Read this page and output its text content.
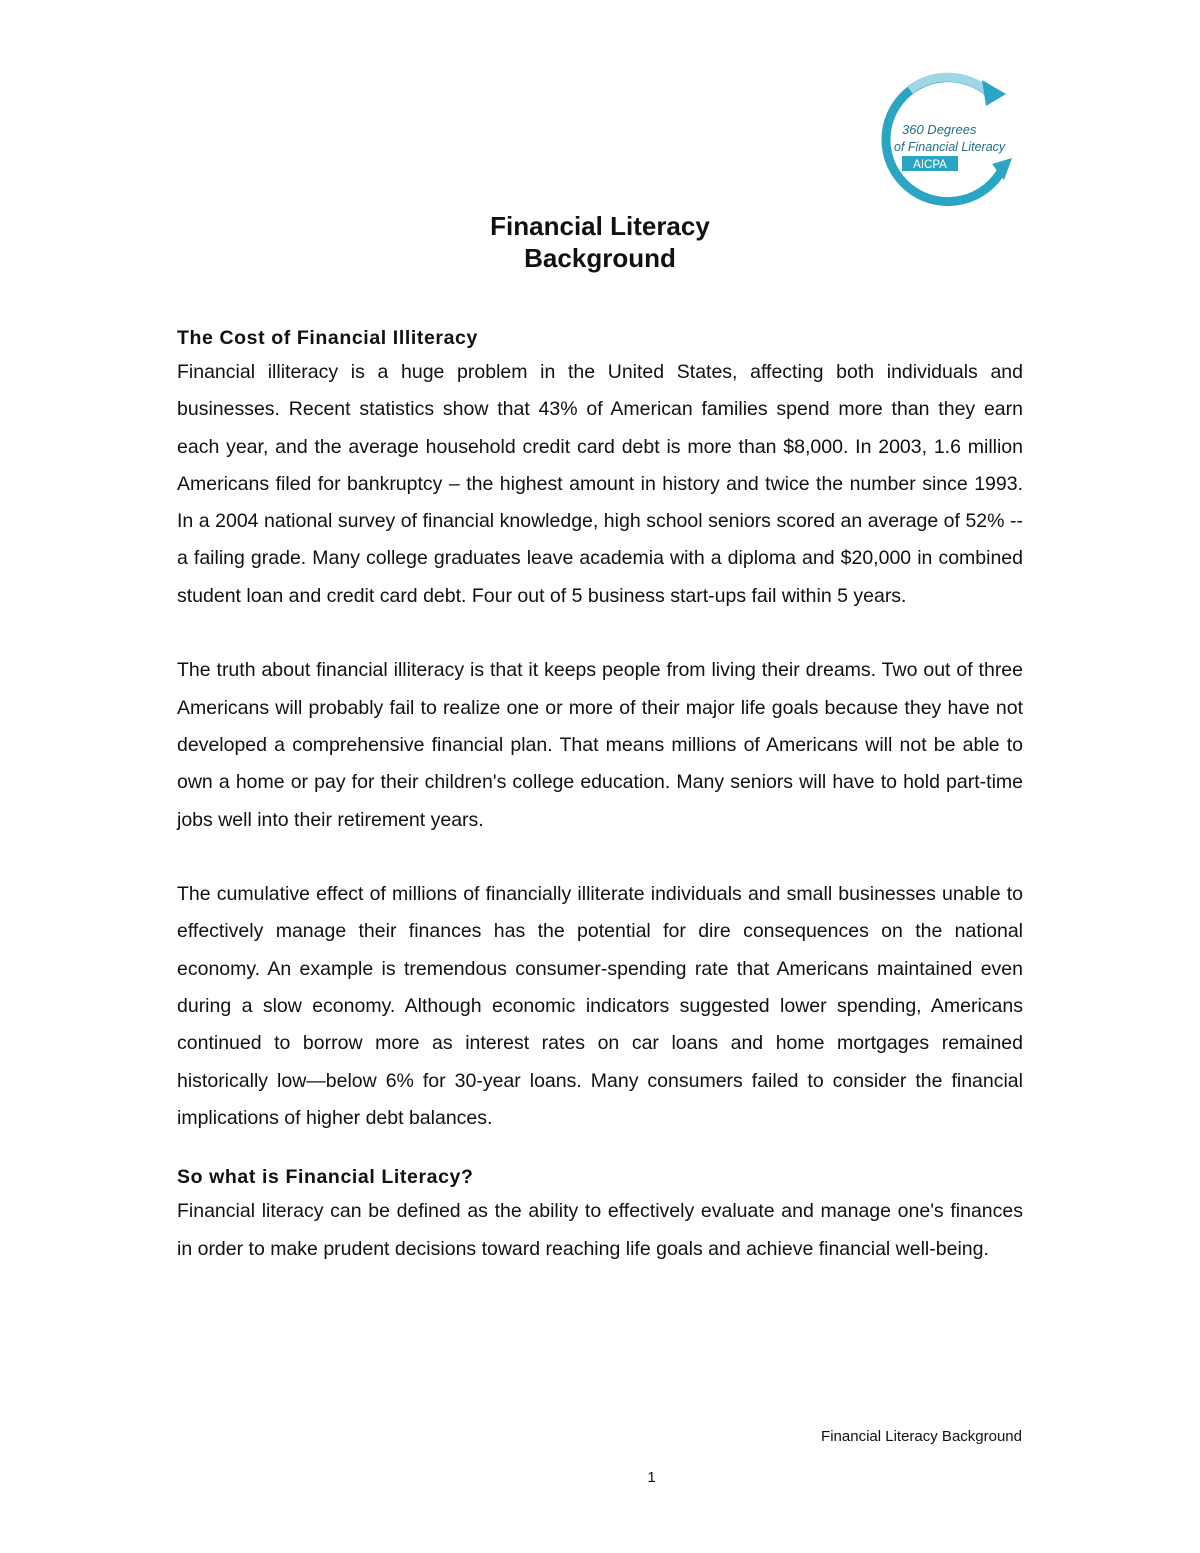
360 Degrees
of Financial Literacy
AICPA
Financial Literacy
Background

The Cost of Financial Illiteracy

Financial illiteracy is a huge problem in the United States, affecting both individuals and businesses. Recent statistics show that 43% of American families spend more than they earn each year, and the average household credit card debt is more than $8,000. In 2003, 1.6 million Americans filed for bankruptcy – the highest amount in history and twice the number since 1993. In a 2004 national survey of financial knowledge, high school seniors scored an average of 52% -- a failing grade. Many college graduates leave academia with a diploma and $20,000 in combined student loan and credit card debt. Four out of 5 business start-ups fail within 5 years.

The truth about financial illiteracy is that it keeps people from living their dreams. Two out of three Americans will probably fail to realize one or more of their major life goals because they have not developed a comprehensive financial plan. That means millions of Americans will not be able to own a home or pay for their children's college education. Many seniors will have to hold part-time jobs well into their retirement years.

The cumulative effect of millions of financially illiterate individuals and small businesses unable to effectively manage their finances has the potential for dire consequences on the national economy. An example is tremendous consumer-spending rate that Americans maintained even during a slow economy. Although economic indicators suggested lower spending, Americans continued to borrow more as interest rates on car loans and home mortgages remained historically low—below 6% for 30-year loans. Many consumers failed to consider the financial implications of higher debt balances.

So what is Financial Literacy?

Financial literacy can be defined as the ability to effectively evaluate and manage one's finances in order to make prudent decisions toward reaching life goals and achieve financial well-being.

Financial Literacy Background
1
